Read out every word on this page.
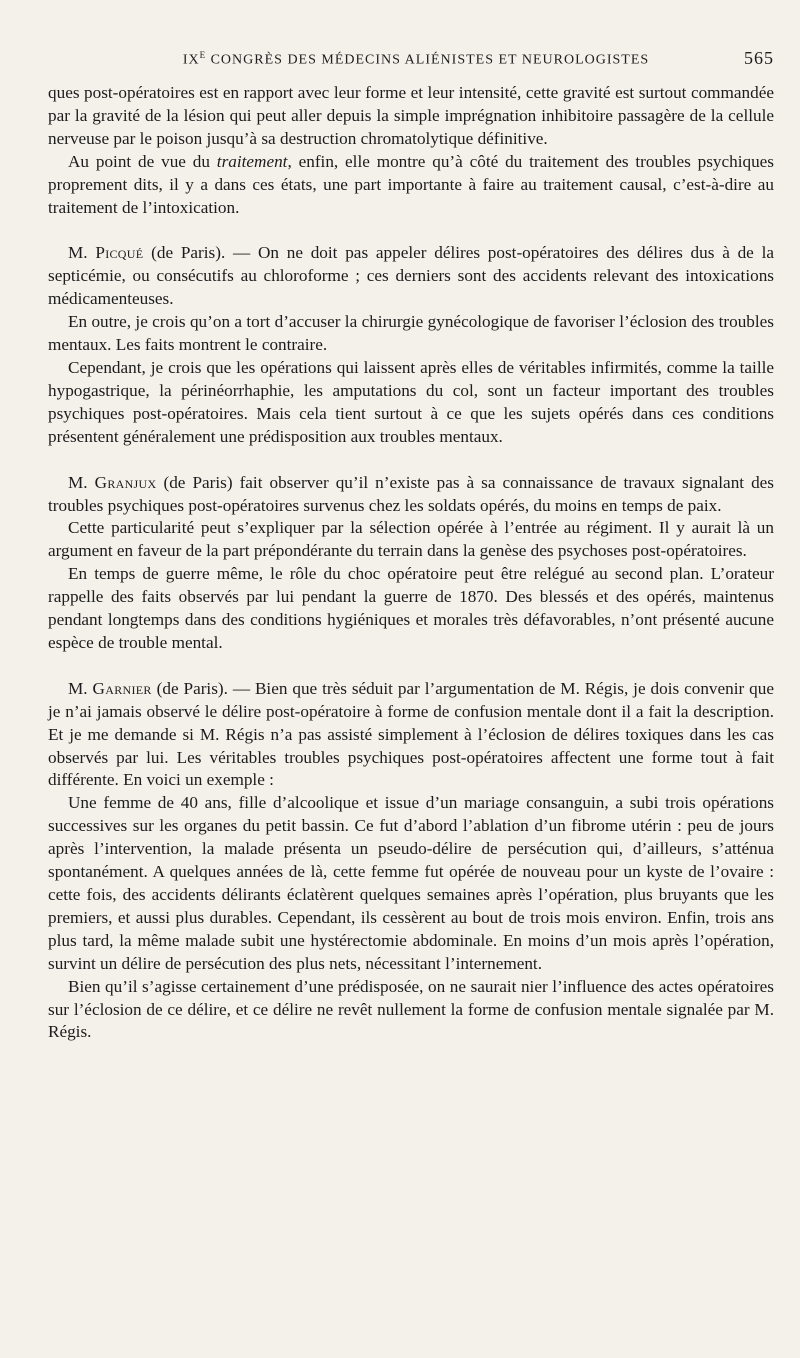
$IX^E$ CONGRÈS DES MÉDECINS ALIÉNISTES ET NEUROLOGISTES	565

ques post-opératoires est en rapport avec leur forme et leur intensité, cette gravité est surtout commandée par la gravité de la lésion qui peut aller depuis la simple imprégnation inhibitoire passagère de la cellule nerveuse par le poison jusqu’à sa destruction chromatolytique définitive.

Au point de vue du traitement, enfin, elle montre qu’à côté du traitement des troubles psychiques proprement dits, il y a dans ces états, une part importante à faire au traitement causal, c’est-à-dire au traitement de l’intoxication.

M. Picqué (de Paris). — On ne doit pas appeler délires post-opératoires des délires dus à de la septicémie, ou consécutifs au chloroforme ; ces derniers sont des accidents relevant des intoxications médicamenteuses.

En outre, je crois qu’on a tort d’accuser la chirurgie gynécologique de favoriser l’éclosion des troubles mentaux. Les faits montrent le contraire.

Cependant, je crois que les opérations qui laissent après elles de véritables infirmités, comme la taille hypogastrique, la périnéorrhaphie, les amputations du col, sont un facteur important des troubles psychiques post-opératoires. Mais cela tient surtout à ce que les sujets opérés dans ces conditions présentent généralement une prédisposition aux troubles mentaux.

M. Granjux (de Paris) fait observer qu’il n’existe pas à sa connaissance de travaux signalant des troubles psychiques post-opératoires survenus chez les soldats opérés, du moins en temps de paix.

Cette particularité peut s’expliquer par la sélection opérée à l’entrée au régiment. Il y aurait là un argument en faveur de la part prépondérante du terrain dans la genèse des psychoses post-opératoires.

En temps de guerre même, le rôle du choc opératoire peut être relégué au second plan. L’orateur rappelle des faits observés par lui pendant la guerre de 1870. Des blessés et des opérés, maintenus pendant longtemps dans des conditions hygiéniques et morales très défavorables, n’ont présenté aucune espèce de trouble mental.

M. Garnier (de Paris). — Bien que très séduit par l’argumentation de M. Régis, je dois convenir que je n’ai jamais observé le délire post-opératoire à forme de confusion mentale dont il a fait la description. Et je me demande si M. Régis n’a pas assisté simplement à l’éclosion de délires toxiques dans les cas observés par lui. Les véritables troubles psychiques post-opératoires affectent une forme tout à fait différente. En voici un exemple :

Une femme de 40 ans, fille d’alcoolique et issue d’un mariage consanguin, a subi trois opérations successives sur les organes du petit bassin. Ce fut d’abord l’ablation d’un fibrome utérin : peu de jours après l’intervention, la malade présenta un pseudo-délire de persécution qui, d’ailleurs, s’atténua spontanément. A quelques années de là, cette femme fut opérée de nouveau pour un kyste de l’ovaire : cette fois, des accidents délirants éclatèrent quelques semaines après l’opération, plus bruyants que les premiers, et aussi plus durables. Cependant, ils cessèrent au bout de trois mois environ. Enfin, trois ans plus tard, la même malade subit une hystérectomie abdominale. En moins d’un mois après l’opération, survint un délire de persécution des plus nets, nécessitant l’internement.

Bien qu’il s’agisse certainement d’une prédisposée, on ne saurait nier l’influence des actes opératoires sur l’éclosion de ce délire, et ce délire ne revêt nullement la forme de confusion mentale signalée par M. Régis.
